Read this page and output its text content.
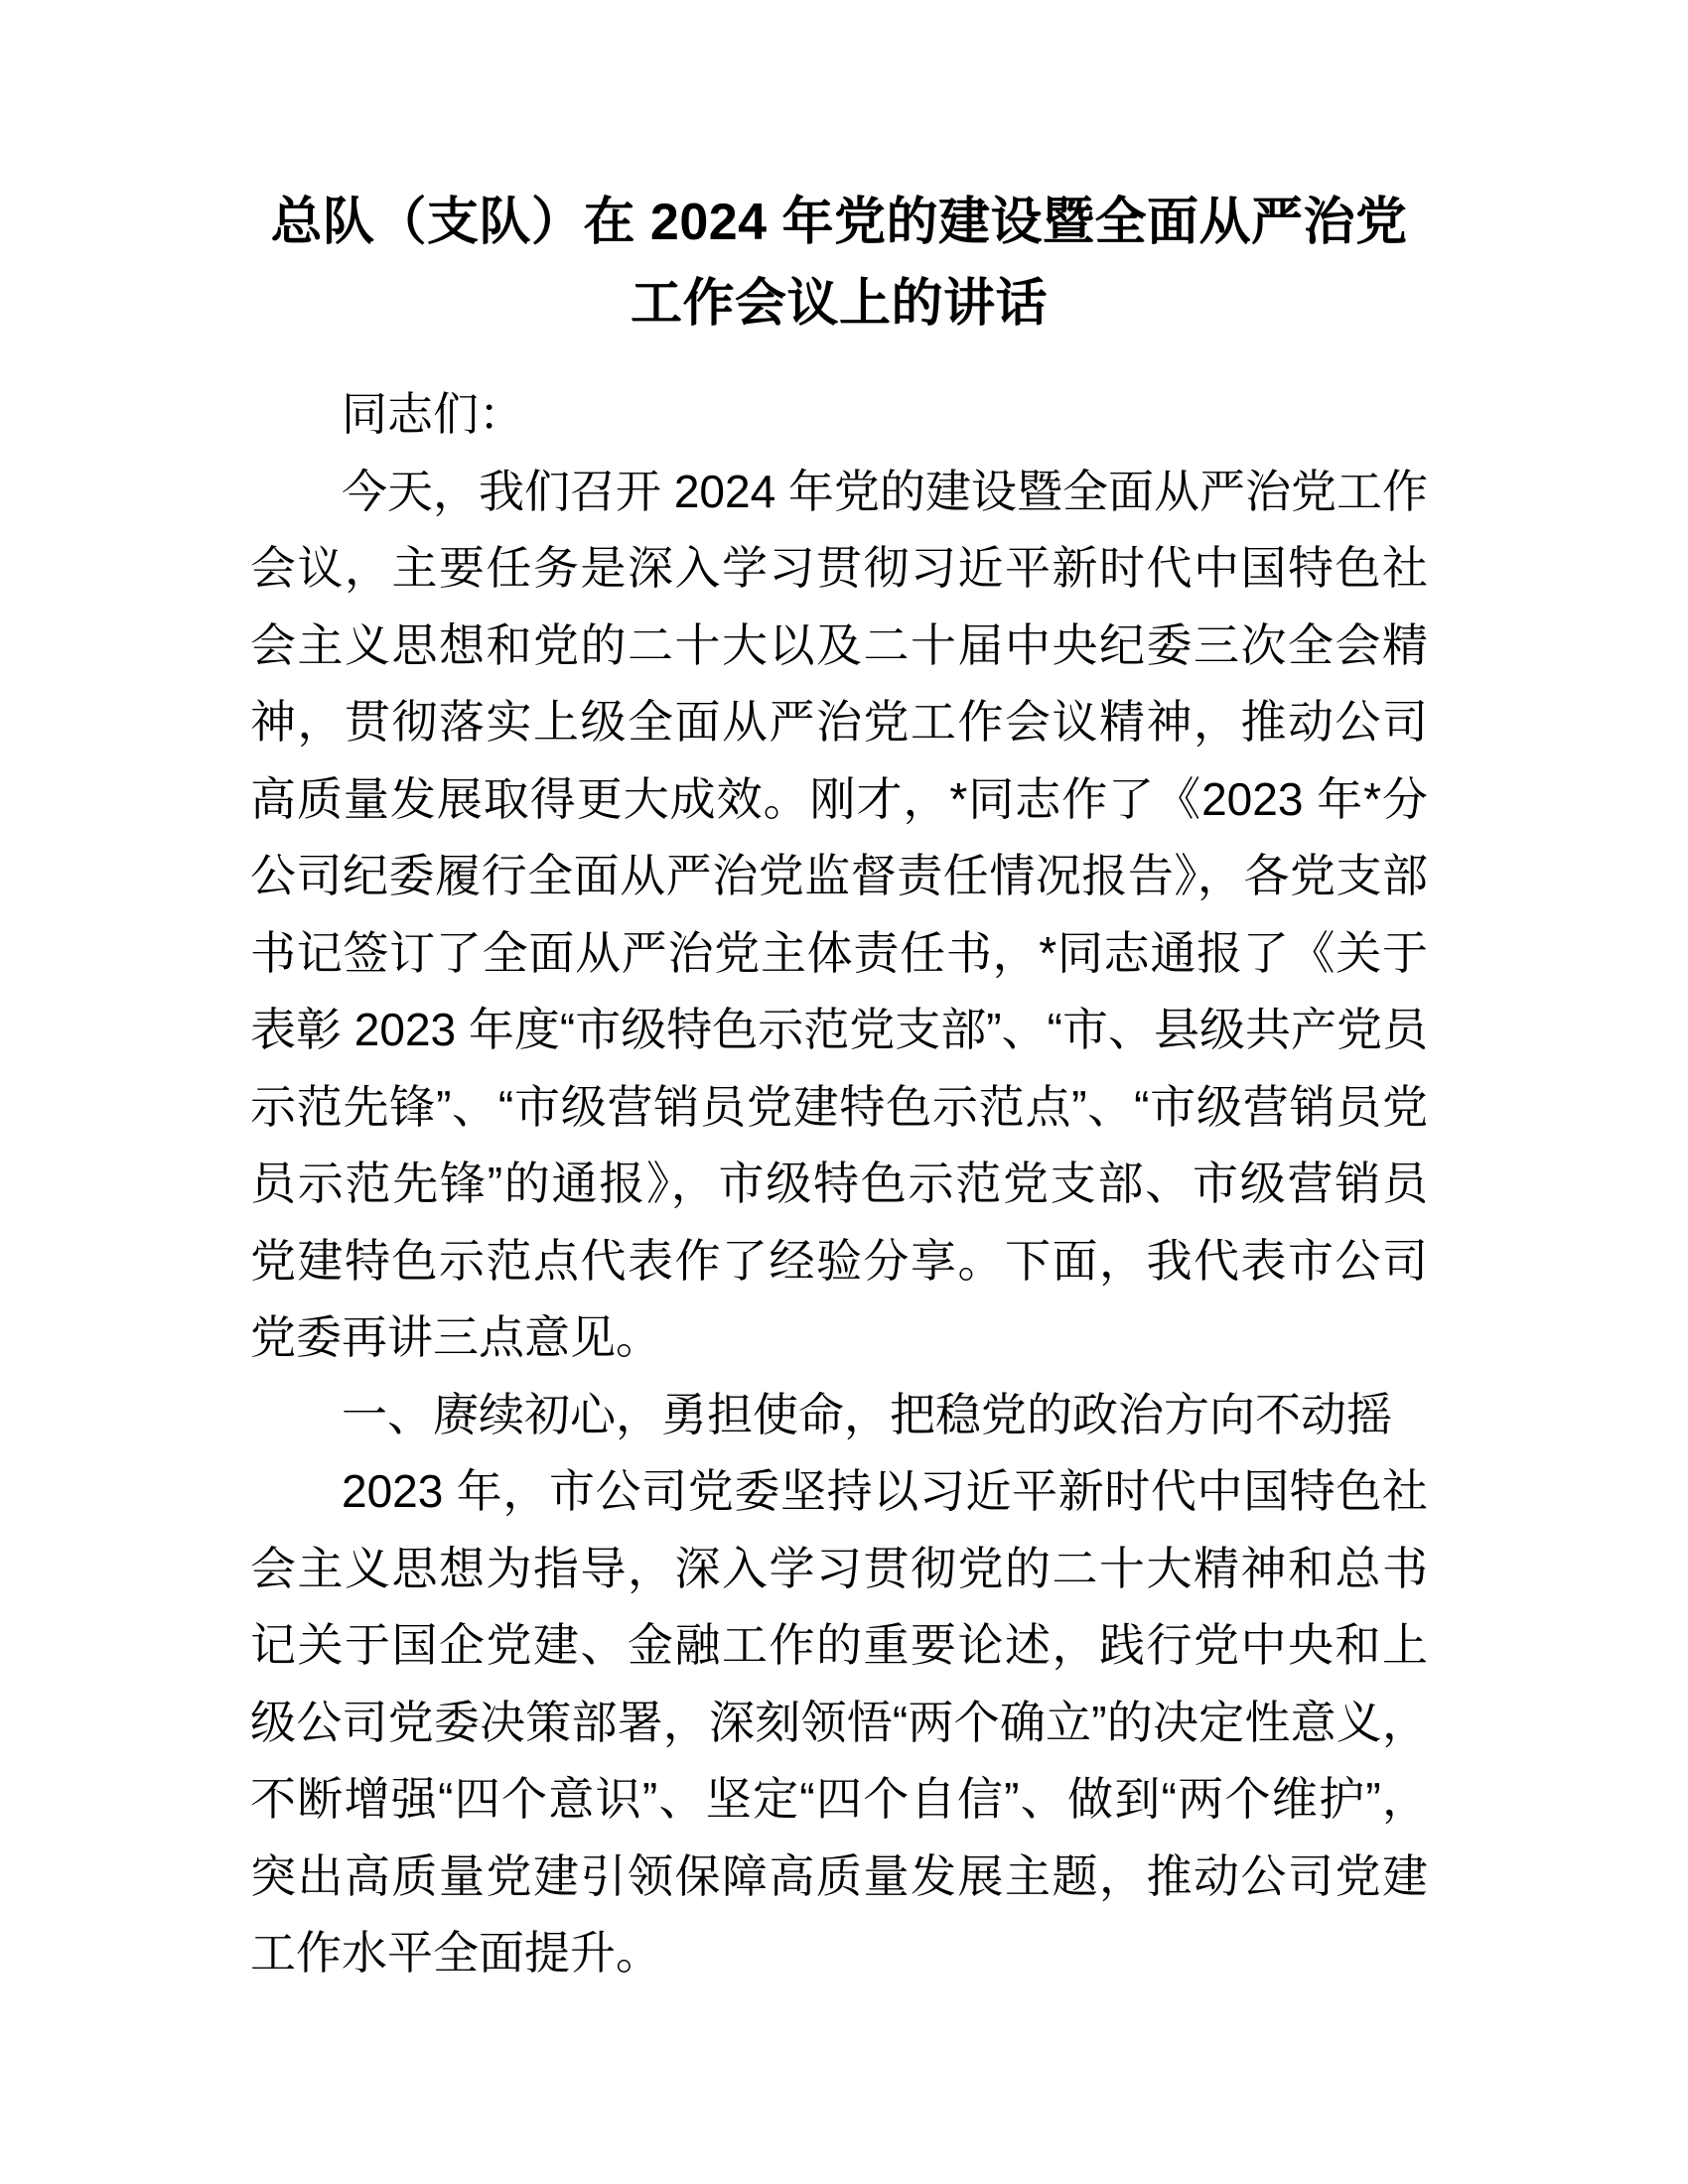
总队（支队）在 2024 年党的建设暨全面从严治党工作会议上的讲话

同志们：

今天，我们召开 2024 年党的建设暨全面从严治党工作会议，主要任务是深入学习贯彻习近平新时代中国特色社会主义思想和党的二十大以及二十届中央纪委三次全会精神，贯彻落实上级全面从严治党工作会议精神，推动公司高质量发展取得更大成效。刚才，*同志作了《2023 年*分公司纪委履行全面从严治党监督责任情况报告》，各党支部书记签订了全面从严治党主体责任书，*同志通报了《关于表彰 2023 年度“市级特色示范党支部”、“市、县级共产党员示范先锋”、“市级营销员党建特色示范点”、“市级营销员党员示范先锋”的通报》，市级特色示范党支部、市级营销员党建特色示范点代表作了经验分享。下面，我代表市公司党委再讲三点意见。

一、赓续初心，勇担使命，把稳党的政治方向不动摇

2023 年，市公司党委坚持以习近平新时代中国特色社会主义思想为指导，深入学习贯彻党的二十大精神和总书记关于国企党建、金融工作的重要论述，践行党中央和上级公司党委决策部署，深刻领悟“两个确立”的决定性意义，不断增强“四个意识”、坚定“四个自信”、做到“两个维护”，突出高质量党建引领保障高质量发展主题，推动公司党建工作水平全面提升。
